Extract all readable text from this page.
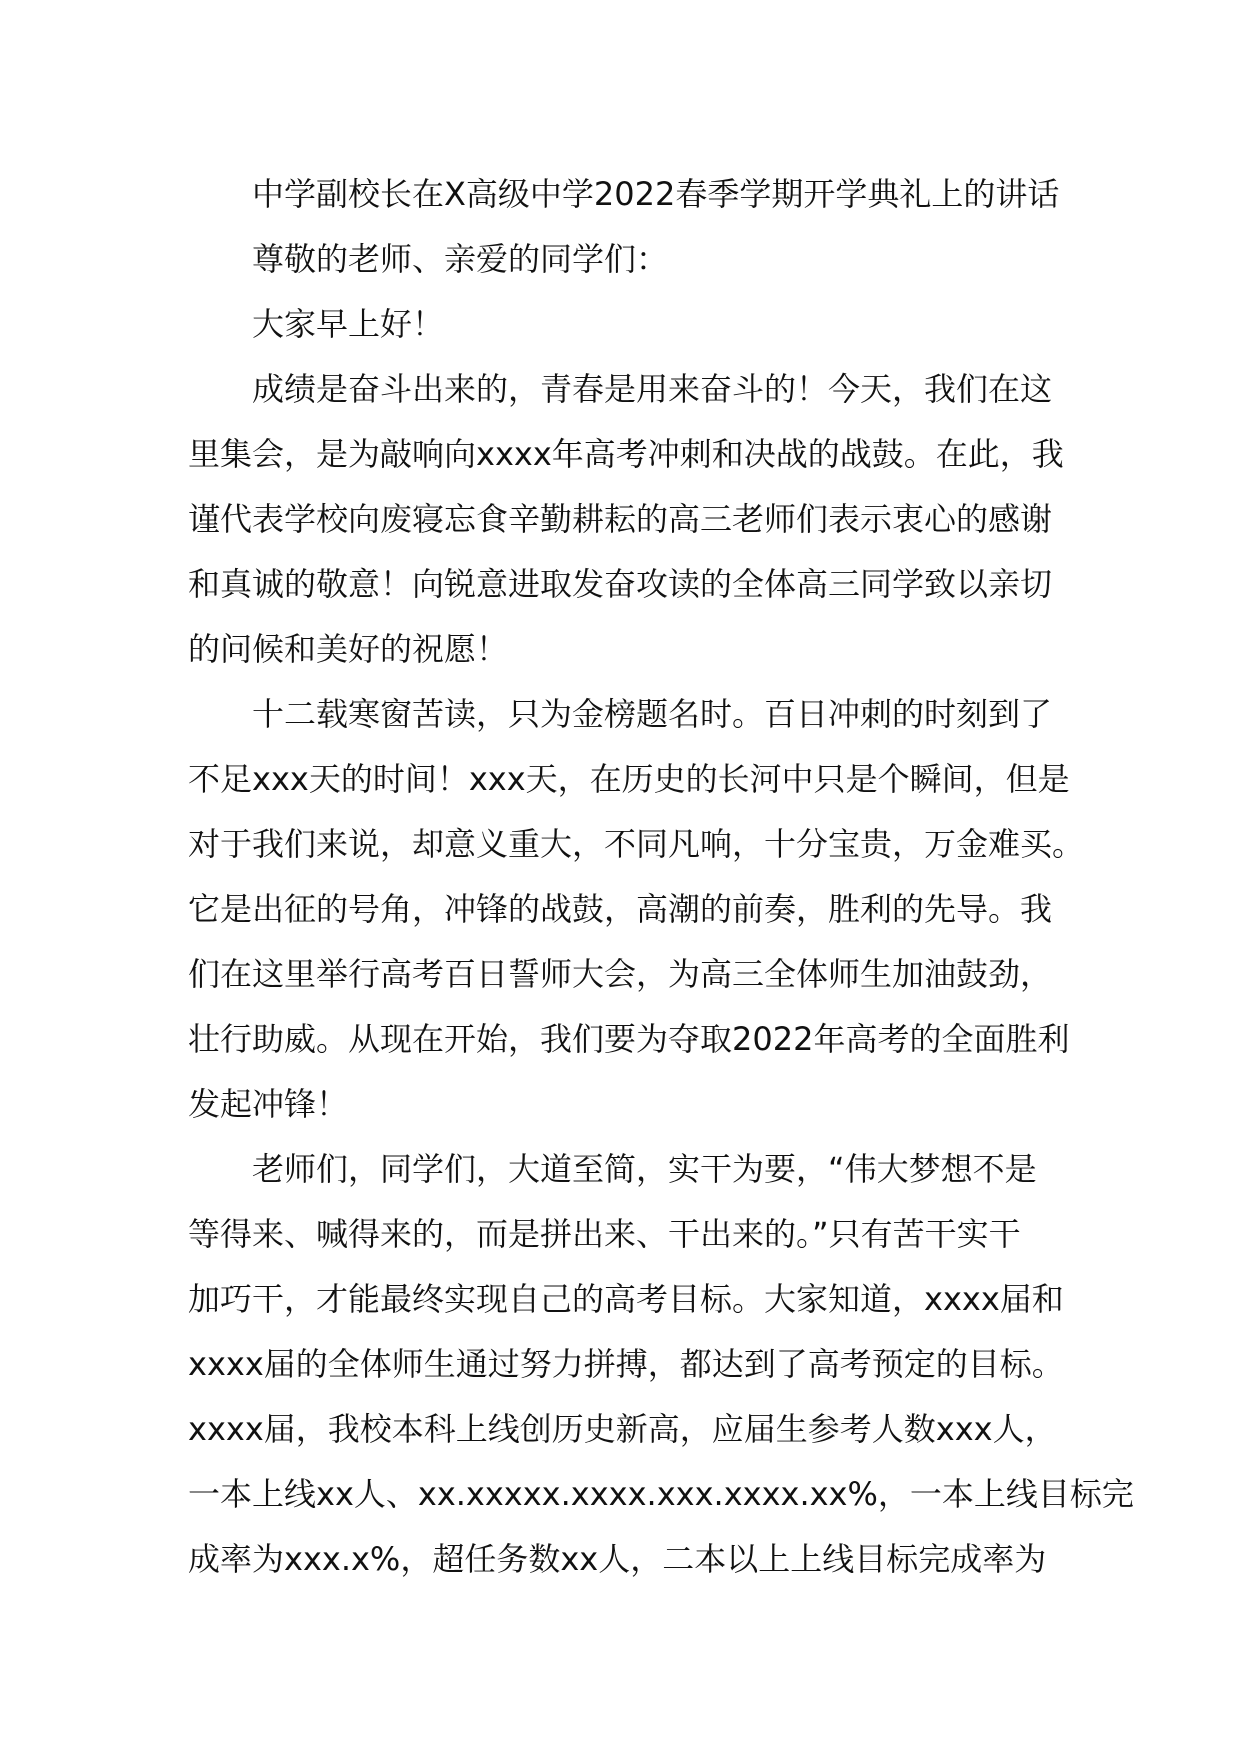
中学副校长在X高级中学2022春季学期开学典礼上的讲话
尊敬的老师、亲爱的同学们：
大家早上好！
成绩是奋斗出来的，青春是用来奋斗的！今天，我们在这
里集会，是为敲响向xxxx年高考冲刺和决战的战鼓。在此，我
谨代表学校向废寝忘食辛勤耕耘的高三老师们表示衷心的感谢
和真诚的敬意！向锐意进取发奋攻读的全体高三同学致以亲切
的问候和美好的祝愿！
十二载寒窗苦读，只为金榜题名时。百日冲刺的时刻到了
不足xxx天的时间！xxx天，在历史的长河中只是个瞬间，但是
对于我们来说，却意义重大，不同凡响，十分宝贵，万金难买。
它是出征的号角，冲锋的战鼓，高潮的前奏，胜利的先导。我
们在这里举行高考百日誓师大会，为高三全体师生加油鼓劲，
壮行助威。从现在开始，我们要为夺取2022年高考的全面胜利
发起冲锋！
老师们，同学们，大道至简，实干为要，“伟大梦想不是
等得来、喊得来的，而是拼出来、干出来的。”只有苦干实干
加巧干，才能最终实现自己的高考目标。大家知道，xxxx届和
xxxx届的全体师生通过努力拼搏，都达到了高考预定的目标。
xxxx届，我校本科上线创历史新高，应届生参考人数xxx人，
一本上线xx人、xx.xxxxx.xxxx.xxx.xxxx.xx%，一本上线目标完
成率为xxx.x%，超任务数xx人，二本以上上线目标完成率为
